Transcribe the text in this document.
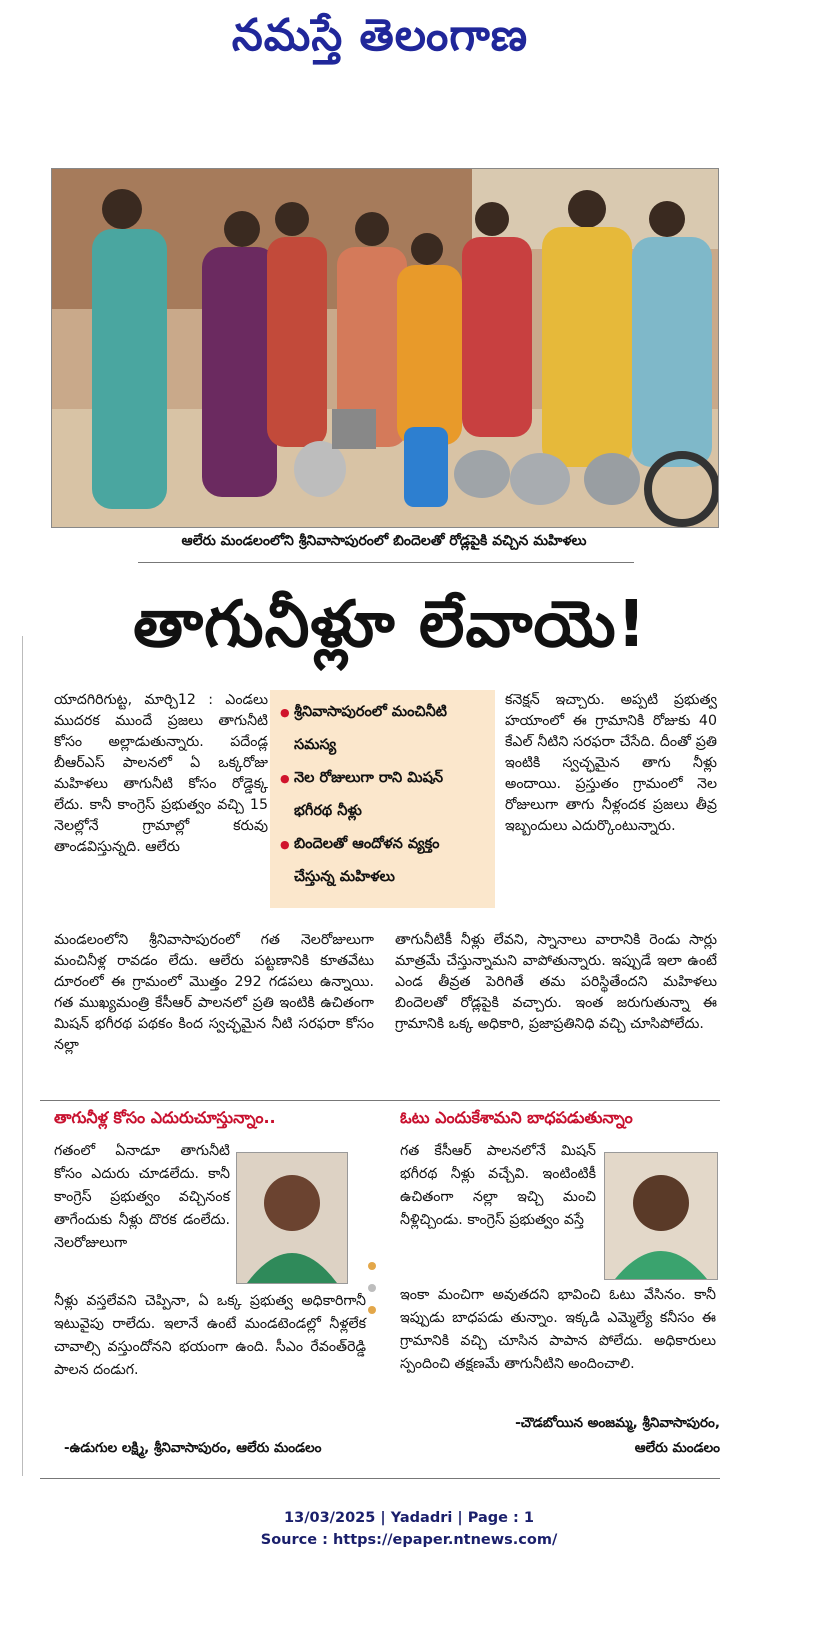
నమస్తే తెలంగాణ
ఆలేరు మండలంలోని శ్రీనివాసాపురంలో బిందెలతో రోడ్లపైకి వచ్చిన మహిళలు
తాగునీళ్లూ లేవాయె!

యాదగిరిగుట్ట, మార్చి12 : ఎండలు ముదరక ముందే ప్రజలు తాగునీటి కోసం అల్లాడుతున్నారు. పదేండ్ల బీఆర్ఎస్ పాలనలో ఏ ఒక్కరోజు మహిళలు తాగునీటి కోసం రోడ్డెక్క లేదు. కానీ కాంగ్రెస్ ప్రభుత్వం వచ్చి 15 నెలల్లోనే గ్రామాల్లో కరువు తాండవిస్తున్నది. ఆలేరు

● శ్రీనివాసాపురంలో మంచినీటి సమస్య
● నెల రోజులుగా రాని మిషన్ భగీరథ నీళ్లు
● బిందెలతో ఆందోళన వ్యక్తం చేస్తున్న మహిళలు

మండలంలోని శ్రీనివాసాపురంలో గత నెలరోజులుగా మంచినీళ్ల రావడం లేదు. ఆలేరు పట్టణానికి కూతవేటు దూరంలో ఈ గ్రామంలో మొత్తం 292 గడపలు ఉన్నాయి. గత ముఖ్యమంత్రి కేసీఆర్ పాలనలో ప్రతి ఇంటికి ఉచితంగా మిషన్ భగీరథ పథకం కింద స్వచ్ఛమైన నీటి సరఫరా కోసం నల్లా

కనెక్షన్ ఇచ్చారు. అప్పటి ప్రభుత్వ హయాంలో ఈ గ్రామానికి రోజుకు 40 కేఎల్ నీటిని సరఫరా చేసేది. దీంతో ప్రతి ఇంటికి స్వచ్ఛమైన తాగు నీళ్లు అందాయి. ప్రస్తుతం గ్రామంలో నెల రోజులుగా తాగు నీళ్లందక ప్రజలు తీవ్ర ఇబ్బందులు ఎదుర్కొంటున్నారు.

తాగునీటికీ నీళ్లు లేవని, స్నానాలు వారానికి రెండు సార్లు మాత్రమే చేస్తున్నామని వాపోతున్నారు. ఇప్పుడే ఇలా ఉంటే ఎండ తీవ్రత పెరిగితే తమ పరిస్థితేందని మహిళలు బిందెలతో రోడ్లపైకి వచ్చారు. ఇంత జరుగుతున్నా ఈ గ్రామానికి ఒక్క అధికారి, ప్రజాప్రతినిధి వచ్చి చూసిపోలేదు.

తాగునీళ్ల కోసం ఎదురుచూస్తున్నాం..

గతంలో ఏనాడూ తాగునీటి కోసం ఎదురు చూడలేదు. కానీ కాంగ్రెస్ ప్రభుత్వం వచ్చినంక తాగేందుకు నీళ్లు దొరక డంలేదు. నెలరోజులుగా

నీళ్లు వస్తలేవని చెప్పినా, ఏ ఒక్క ప్రభుత్వ అధికారిగానీ ఇటువైపు రాలేదు. ఇలానే ఉంటే మండటెండల్లో నీళ్లలేక చావాల్సి వస్తుందోనని భయంగా ఉంది. సీఎం రేవంత్‌రెడ్డి పాలన దండుగ.

-ఉడుగుల లక్ష్మి, శ్రీనివాసాపురం, ఆలేరు మండలం
ఓటు ఎందుకేశామని బాధపడుతున్నాం

గత కేసీఆర్ పాలనలోనే మిషన్ భగీరథ నీళ్లు వచ్చేవి. ఇంటింటికీ ఉచితంగా నల్లా ఇచ్చి మంచి నీళ్లిచ్చిండు. కాంగ్రెస్ ప్రభుత్వం వస్తే

ఇంకా మంచిగా అవుతదని భావించి ఓటు వేసినం. కానీ ఇప్పుడు బాధపడు తున్నాం. ఇక్కడి ఎమ్మెల్యే కనీసం ఈ గ్రామానికి వచ్చి చూసిన పాపాన పోలేదు. అధికారులు స్పందించి తక్షణమే తాగునీటిని అందించాలి.

-చౌడబోయిన అంజమ్మ, శ్రీనివాసాపురం,
ఆలేరు మండలం
13/03/2025 | Yadadri | Page : 1
Source : https://epaper.ntnews.com/
